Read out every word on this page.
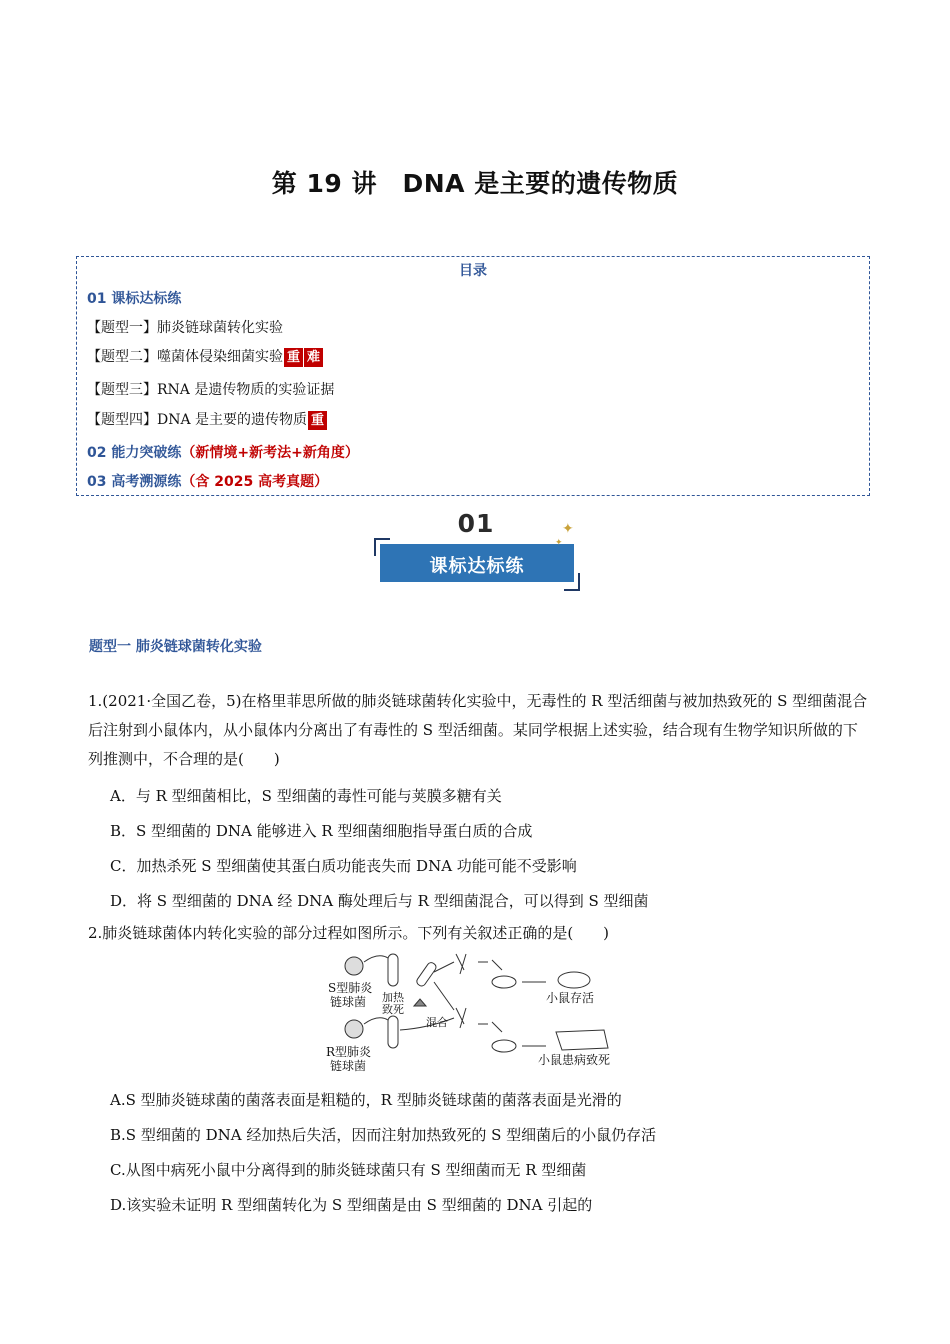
第 19 讲　DNA 是主要的遗传物质
目录
01 课标达标练
【题型一】肺炎链球菌转化实验
【题型二】噬菌体侵染细菌实验 重 难
【题型三】RNA 是遗传物质的实验证据
【题型四】DNA 是主要的遗传物质 重
02 能力突破练（新情境+新考法+新角度）
03 高考溯源练（含 2025 高考真题）
01
课标达标练
✦
✦
题型一 肺炎链球菌转化实验
1.(2021·全国乙卷，5)在格里菲思所做的肺炎链球菌转化实验中，无毒性的 R 型活细菌与被加热致死的 S 型细菌混合后注射到小鼠体内，从小鼠体内分离出了有毒性的 S 型活细菌。某同学根据上述实验，结合现有生物学知识所做的下列推测中，不合理的是(　　)
A．与 R 型细菌相比，S 型细菌的毒性可能与荚膜多糖有关
B．S 型细菌的 DNA 能够进入 R 型细菌细胞指导蛋白质的合成
C．加热杀死 S 型细菌使其蛋白质功能丧失而 DNA 功能可能不受影响
D．将 S 型细菌的 DNA 经 DNA 酶处理后与 R 型细菌混合，可以得到 S 型细菌
2.肺炎链球菌体内转化实验的部分过程如图所示。下列有关叙述正确的是(　　)
S型肺炎
链球菌 加热
致死
混合
R型肺炎
链球菌
小鼠存活
小鼠患病致死
A.S 型肺炎链球菌的菌落表面是粗糙的，R 型肺炎链球菌的菌落表面是光滑的
B.S 型细菌的 DNA 经加热后失活，因而注射加热致死的 S 型细菌后的小鼠仍存活
C.从图中病死小鼠中分离得到的肺炎链球菌只有 S 型细菌而无 R 型细菌
D.该实验未证明 R 型细菌转化为 S 型细菌是由 S 型细菌的 DNA 引起的
